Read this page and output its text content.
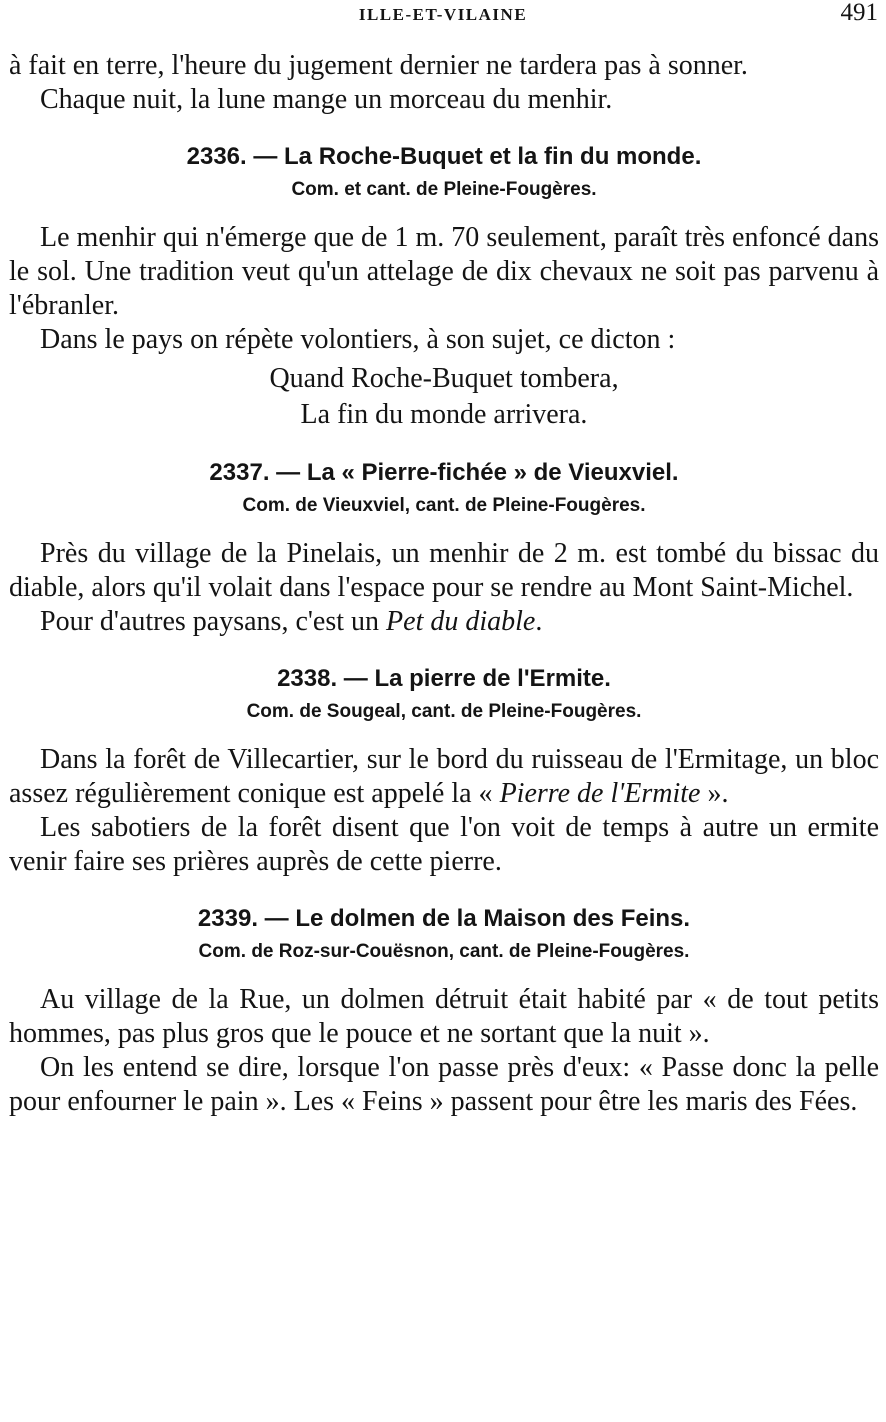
ILLE-ET-VILAINE	491

à fait en terre, l'heure du jugement dernier ne tardera pas à sonner.

Chaque nuit, la lune mange un morceau du menhir.

2336. — La Roche-Buquet et la fin du monde.
Com. et cant. de Pleine-Fougères.

Le menhir qui n'émerge que de 1 m. 70 seulement, paraît très enfoncé dans le sol. Une tradition veut qu'un attelage de dix chevaux ne soit pas parvenu à l'ébranler.

Dans le pays on répète volontiers, à son sujet, ce dicton :

Quand Roche-Buquet tombera,
La fin du monde arrivera.
2337. — La « Pierre-fichée » de Vieuxviel.
Com. de Vieuxviel, cant. de Pleine-Fougères.

Près du village de la Pinelais, un menhir de 2 m. est tombé du bissac du diable, alors qu'il volait dans l'espace pour se rendre au Mont Saint-Michel.

Pour d'autres paysans, c'est un Pet du diable.

2338. — La pierre de l'Ermite.
Com. de Sougeal, cant. de Pleine-Fougères.

Dans la forêt de Villecartier, sur le bord du ruisseau de l'Ermitage, un bloc assez régulièrement conique est appelé la « Pierre de l'Ermite ».

Les sabotiers de la forêt disent que l'on voit de temps à autre un ermite venir faire ses prières auprès de cette pierre.

2339. — Le dolmen de la Maison des Feins.
Com. de Roz-sur-Couësnon, cant. de Pleine-Fougères.

Au village de la Rue, un dolmen détruit était habité par « de tout petits hommes, pas plus gros que le pouce et ne sortant que la nuit ».

On les entend se dire, lorsque l'on passe près d'eux: « Passe donc la pelle pour enfourner le pain ». Les « Feins » passent pour être les maris des Fées.
